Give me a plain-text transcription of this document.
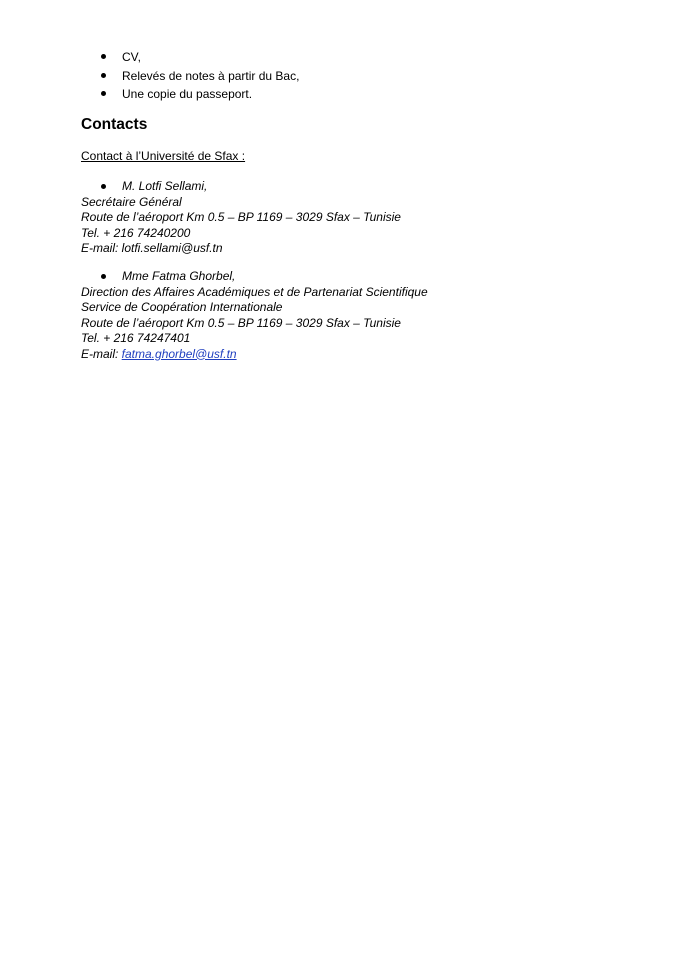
CV,
Relevés de notes à partir du Bac,
Une copie du passeport.
Contacts
Contact à l’Université de Sfax :
M. Lotfi Sellami,
Secrétaire Général
Route de l’aéroport Km 0.5 – BP 1169 – 3029 Sfax – Tunisie
Tel. + 216 74240200
E-mail: lotfi.sellami@usf.tn
Mme Fatma Ghorbel,
Direction des Affaires Académiques et de Partenariat Scientifique
Service de Coopération Internationale
Route de l’aéroport Km 0.5 – BP 1169 – 3029 Sfax – Tunisie
Tel. + 216 74247401
E-mail: fatma.ghorbel@usf.tn
